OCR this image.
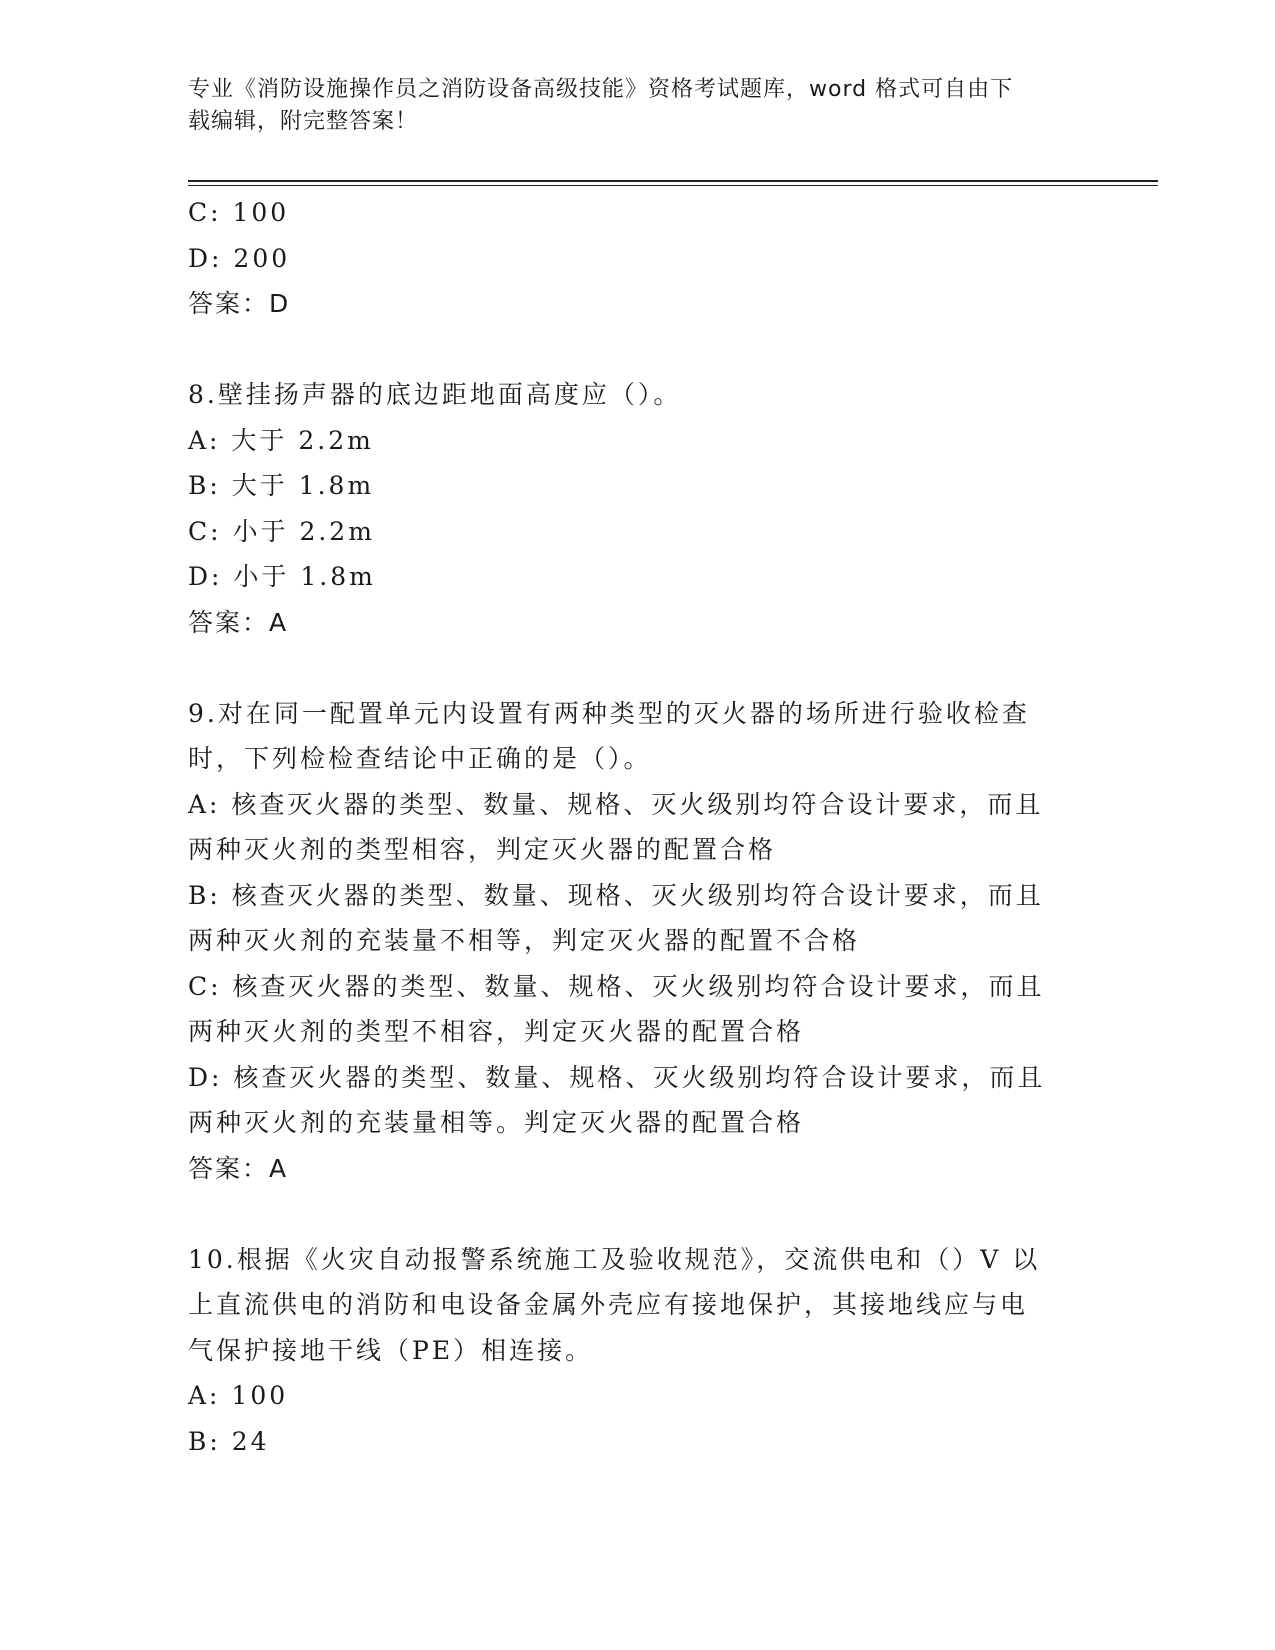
专业《消防设施操作员之消防设备高级技能》资格考试题库，word 格式可自由下
载编辑，附完整答案！
C: 100
D: 200
答案：D
8.壁挂扬声器的底边距地面高度应（）。
A: 大于 2.2m
B: 大于 1.8m
C: 小于 2.2m
D: 小于 1.8m
答案：A
9.对在同一配置单元内设置有两种类型的灭火器的场所进行验收检查
时，下列检检查结论中正确的是（）。
A: 核查灭火器的类型、数量、规格、灭火级别均符合设计要求，而且
两种灭火剂的类型相容，判定灭火器的配置合格
B: 核查灭火器的类型、数量、现格、灭火级别均符合设计要求，而且
两种灭火剂的充装量不相等，判定灭火器的配置不合格
C: 核查灭火器的类型、数量、规格、灭火级别均符合设计要求，而且
两种灭火剂的类型不相容，判定灭火器的配置合格
D: 核查灭火器的类型、数量、规格、灭火级别均符合设计要求，而且
两种灭火剂的充装量相等。判定灭火器的配置合格
答案：A
10.根据《火灾自动报警系统施工及验收规范》，交流供电和（）V 以
上直流供电的消防和电设备金属外壳应有接地保护，其接地线应与电
气保护接地干线（PE）相连接。
A: 100
B: 24
